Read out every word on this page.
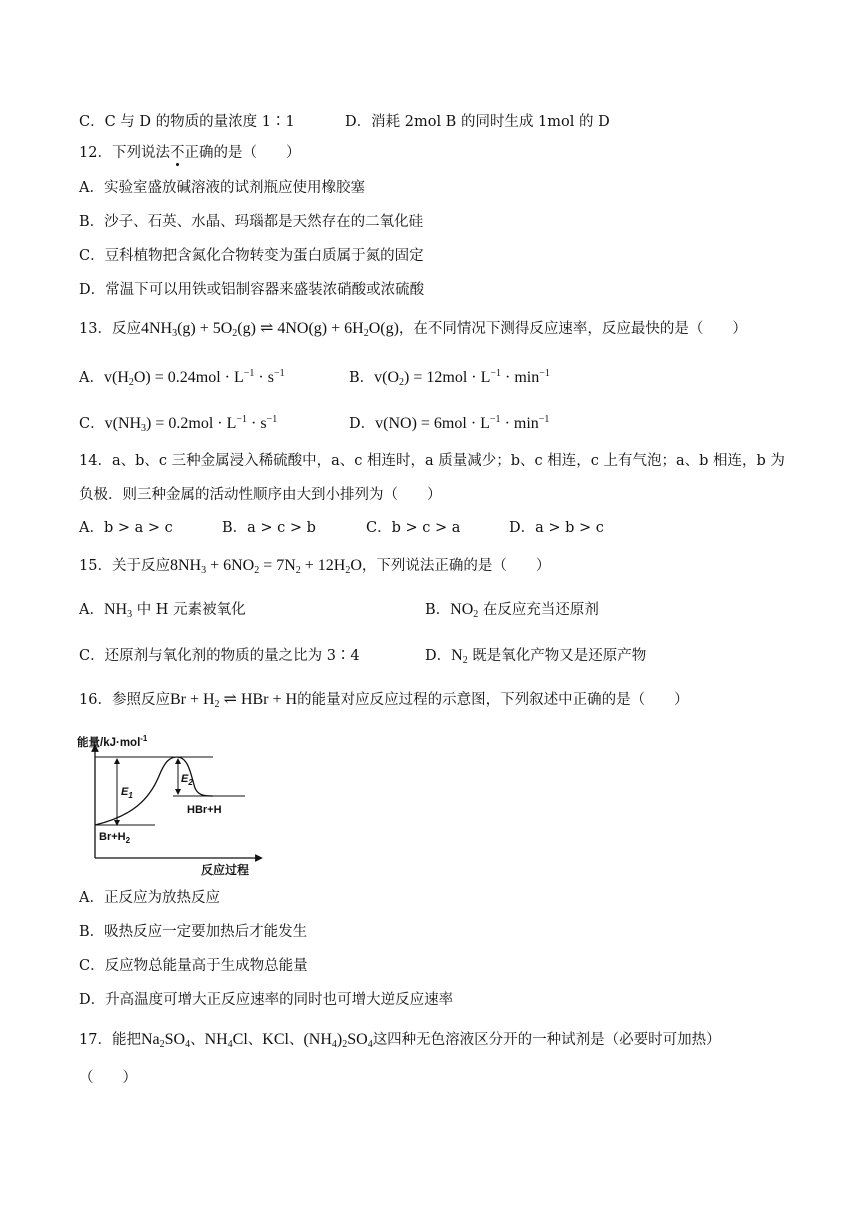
C．C 与 D 的物质的量浓度 1∶1	D．消耗 2mol B 的同时生成 1mol 的 D
12．下列说法不正确的是（　　）
A．实验室盛放碱溶液的试剂瓶应使用橡胶塞
B．沙子、石英、水晶、玛瑙都是天然存在的二氧化硅
C．豆科植物把含氮化合物转变为蛋白质属于氮的固定
D．常温下可以用铁或铝制容器来盛装浓硝酸或浓硫酸
13．反应$4NH_3(g) + 5O_2(g)$ ⇌ $4NO(g) + 6H_2O(g)$，在不同情况下测得反应速率，反应最快的是（　　）
A．$v(H_2O) = 0.24mol \cdot L^{-1} \cdot s^{-1}$	B．$v(O_2) = 12mol \cdot L^{-1} \cdot \min^{-1}$
C．$v(NH_3) = 0.2mol \cdot L^{-1} \cdot s^{-1}$	D．$v(NO) = 6mol \cdot L^{-1} \cdot \min^{-1}$
14．a、b、c 三种金属浸入稀硫酸中，a、c 相连时，a 质量减少；b、c 相连，c 上有气泡；a、b 相连，b 为
负极．则三种金属的活动性顺序由大到小排列为（　　）
A．b > a > c	B．a > c > b	C．b > c > a	D．a > b > c
15．关于反应$8NH_3 + 6NO_2 = 7N_2 + 12H_2O$，下列说法正确的是（　　）
A．$NH_3$ 中 H 元素被氧化	B．$NO_2$ 在反应充当还原剂
C．还原剂与氧化剂的物质的量之比为 3∶4	D．$N_2$ 既是氧化产物又是还原产物
16．参照反应$Br + H_2$ ⇌ HBr + H的能量对应反应过程的示意图，下列叙述中正确的是（　　）
能量/kJ·mol$^{-1}$
$E_1$
$E_2$
HBr+H
$Br+H_2$
反应过程
A．正反应为放热反应
B．吸热反应一定要加热后才能发生
C．反应物总能量高于生成物总能量
D．升高温度可增大正反应速率的同时也可增大逆反应速率
17．能把$Na_2SO_4$、$NH_4Cl$、KCl、$(NH_4)_2SO_4$这四种无色溶液区分开的一种试剂是（必要时可加热）
（　　）
